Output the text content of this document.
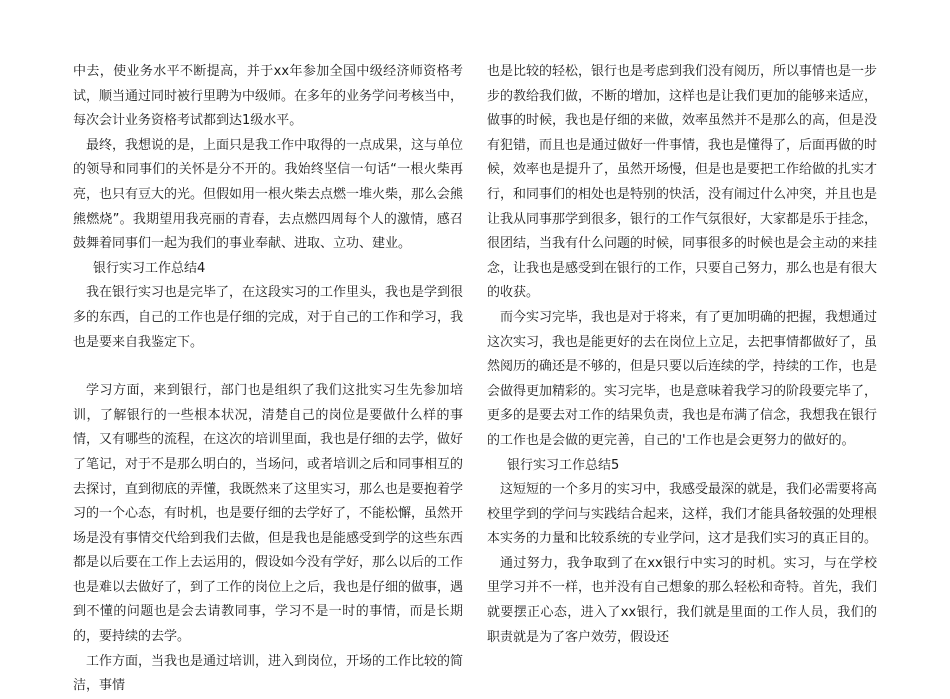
中去，使业务水平不断提高，并于xx年参加全国中级经济师资格考试，顺当通过同时被行里聘为中级师。在多年的业务学问考核当中，每次会计业务资格考试都到达1级水平。

最终，我想说的是，上面只是我工作中取得的一点成果，这与单位的领导和同事们的关怀是分不开的。我始终坚信一句话“一根火柴再亮，也只有豆大的光。但假如用一根火柴去点燃一堆火柴，那么会熊熊燃烧”。我期望用我亮丽的青春，去点燃四周每个人的激情，感召鼓舞着同事们一起为我们的事业奉献、进取、立功、建业。

银行实习工作总结4

我在银行实习也是完毕了，在这段实习的工作里头，我也是学到很多的东西，自己的工作也是仔细的完成，对于自己的工作和学习，我也是要来自我鉴定下。

学习方面，来到银行，部门也是组织了我们这批实习生先参加培训，了解银行的一些根本状况，清楚自己的岗位是要做什么样的事情，又有哪些的流程，在这次的培训里面，我也是仔细的去学，做好了笔记，对于不是那么明白的，当场问，或者培训之后和同事相互的去探讨，直到彻底的弄懂，我既然来了这里实习，那么也是要抱着学习的一个心态，有时机，也是要仔细的去学好了，不能松懈，虽然开场是没有事情交代给到我们去做，但是我也是能感受到学的这些东西都是以后要在工作上去运用的，假设如今没有学好，那么以后的工作也是难以去做好了，到了工作的岗位上之后，我也是仔细的做事，遇到不懂的问题也是会去请教同事，学习不是一时的事情，而是长期的，要持续的去学。

工作方面，当我也是通过培训，进入到岗位，开场的工作比较的简洁，事情

也是比较的轻松，银行也是考虑到我们没有阅历，所以事情也是一步步的教给我们做，不断的增加，这样也是让我们更加的能够来适应，做事的时候，我也是仔细的来做，效率虽然并不是那么的高，但是没有犯错，而且也是通过做好一件事情，我也是懂得了，后面再做的时候，效率也是提升了，虽然开场慢，但是也是要把工作给做的扎实才行，和同事们的相处也是特别的快活，没有闹过什么冲突，并且也是让我从同事那学到很多，银行的工作气氛很好，大家都是乐于挂念，很团结，当我有什么问题的时候，同事很多的时候也是会主动的来挂念，让我也是感受到在银行的工作，只要自己努力，那么也是有很大的收获。

而今实习完毕，我也是对于将来，有了更加明确的把握，我想通过这次实习，我也是能更好的去在岗位上立足，去把事情都做好了，虽然阅历的确还是不够的，但是只要以后连续的学，持续的工作，也是会做得更加精彩的。实习完毕，也是意味着我学习的阶段要完毕了，更多的是要去对工作的结果负责，我也是布满了信念，我想我在银行的工作也是会做的更完善，自己的'工作也是会更努力的做好的。

银行实习工作总结5

这短短的一个多月的实习中，我感受最深的就是，我们必需要将高校里学到的学问与实践结合起来，这样，我们才能具备较强的处理根本实务的力量和比较系统的专业学问，这才是我们实习的真正目的。

通过努力，我争取到了在xx银行中实习的时机。实习，与在学校里学习并不一样，也并没有自己想象的那么轻松和奇特。首先，我们就要摆正心态，进入了xx银行，我们就是里面的工作人员，我们的职责就是为了客户效劳，假设还
